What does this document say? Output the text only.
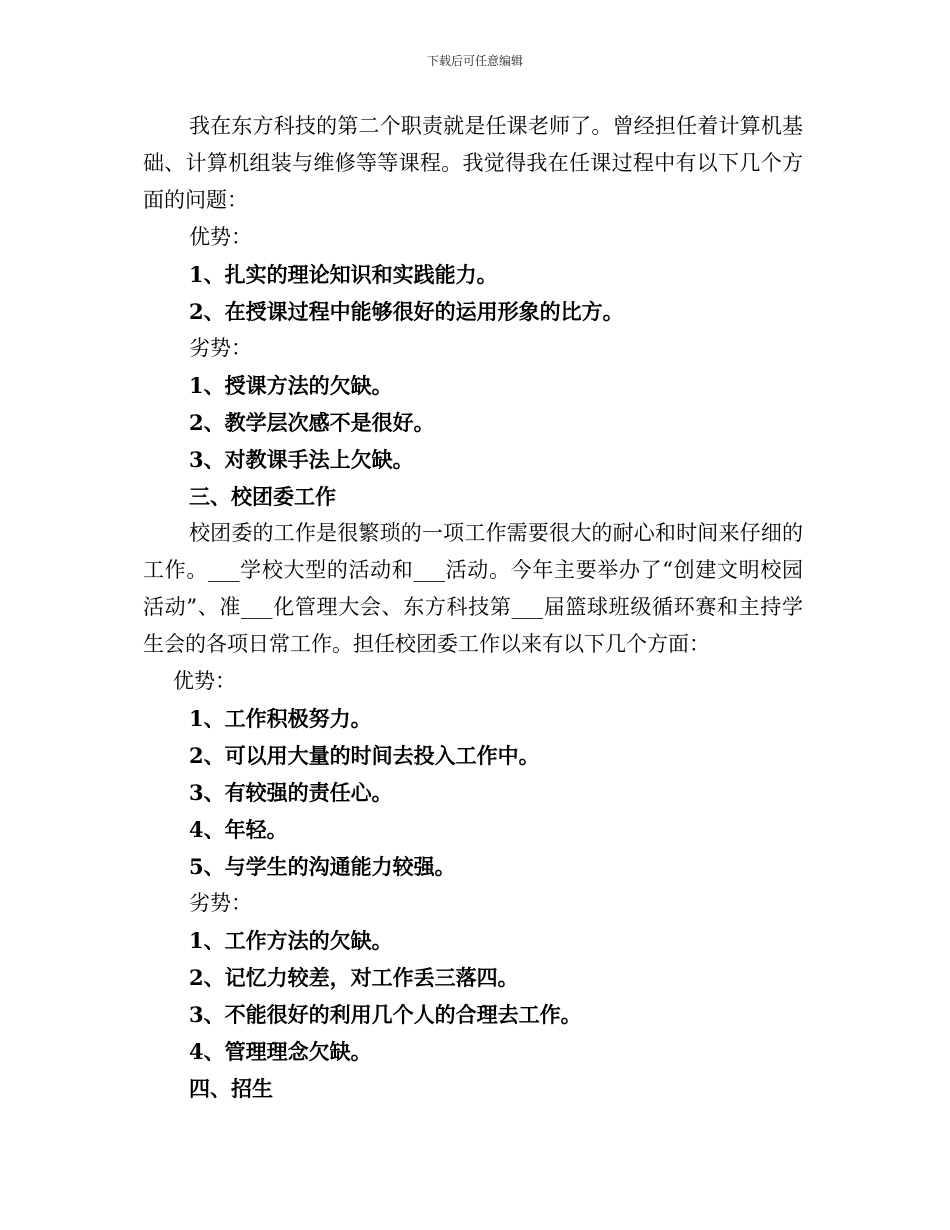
下载后可任意编辑

我在东方科技的第二个职责就是任课老师了。曾经担任着计算机基础、计算机组装与维修等等课程。我觉得我在任课过程中有以下几个方面的问题：

优势：

1、扎实的理论知识和实践能力。

2、在授课过程中能够很好的运用形象的比方。

劣势：

1、授课方法的欠缺。

2、教学层次感不是很好。

3、对教课手法上欠缺。

三、校团委工作

校团委的工作是很繁琐的一项工作需要很大的耐心和时间来仔细的工作。___学校大型的活动和___活动。今年主要举办了“创建文明校园活动”、准___化管理大会、东方科技第___届篮球班级循环赛和主持学生会的各项日常工作。担任校团委工作以来有以下几个方面：

优势：

1、工作积极努力。

2、可以用大量的时间去投入工作中。

3、有较强的责任心。

4、年轻。

5、与学生的沟通能力较强。

劣势：

1、工作方法的欠缺。

2、记忆力较差，对工作丢三落四。

3、不能很好的利用几个人的合理去工作。

4、管理理念欠缺。

四、招生
